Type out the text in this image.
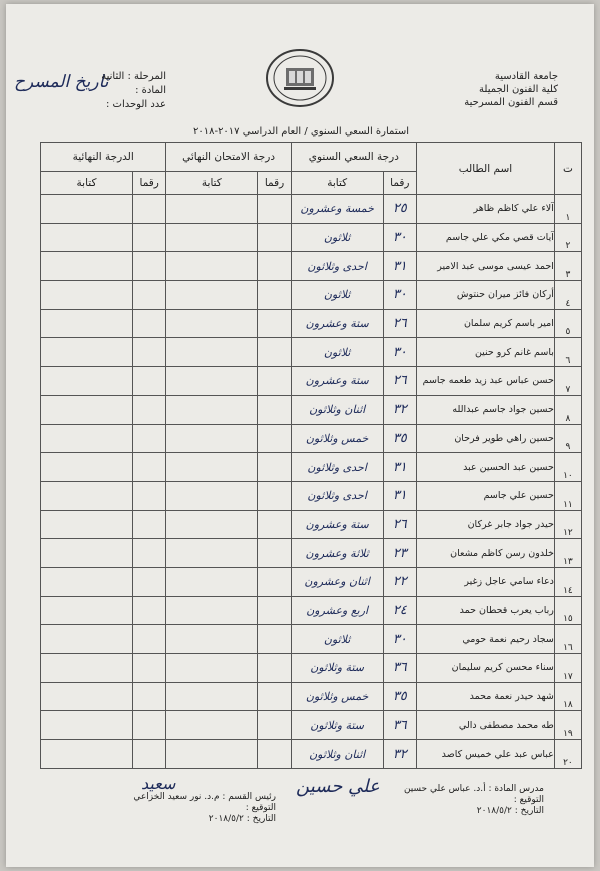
جامعة القادسية
كلية الفنون الجميلة
قسم الفنون المسرحية
تاريخ المسرح
المرحلة : الثانية
المادة :
عدد الوحدات :
استمارة السعي السنوي / العام الدراسي ٢٠١٧-٢٠١٨
ت	اسم الطالب	درجة السعي السنوي		درجة الامتحان النهائي		الدرجة النهائية	
		رقما	كتابة	رقما	كتابة	رقما	كتابة
١	آلاء علي كاظم ظاهر	٢٥	خمسة وعشرون				
٢	آيات قصي مكي علي جاسم	٣٠	ثلاثون				
٣	احمد عيسى موسى عبد الامير	٣١	احدى وثلاثون				
٤	أركان فائز ميران حنتوش	٣٠	ثلاثون				
٥	امير باسم كريم سلمان	٢٦	ستة وعشرون				
٦	باسم غانم كرو حنين	٣٠	ثلاثون				
٧	حسن عباس عبد زيد طعمه جاسم	٢٦	ستة وعشرون				
٨	حسين جواد جاسم عبدالله	٣٢	اثنان وثلاثون				
٩	حسين راهي طوير فرحان	٣٥	خمس وثلاثون				
١٠	حسين عبد الحسين عبد	٣١	احدى وثلاثون				
١١	حسين علي جاسم	٣١	احدى وثلاثون				
١٢	حيدر جواد جابر غركان	٢٦	ستة وعشرون				
١٣	خلدون رسن كاظم مشعان	٢٣	ثلاثة وعشرون				
١٤	دعاء سامي عاجل زغير	٢٢	اثنان وعشرون				
١٥	رباب يعرب قحطان حمد	٢٤	اربع وعشرون				
١٦	سجاد رحيم نعمة حومي	٣٠	ثلاثون				
١٧	سناء محسن كريم سليمان	٣٦	ستة وثلاثون				
١٨	شهد حيدر نعمة محمد	٣٥	خمس وثلاثون				
١٩	طه محمد مصطفى دالي	٣٦	ستة وثلاثون				
٢٠	عباس عبد علي خميس كاصد	٣٢	اثنان وثلاثون				
علي حسين
سعيد	مدرس المادة : أ.د. عباس علي حسين
التوقيع :
التاريخ : ٢٠١٨/٥/٢
رئيس القسم : م.د. نور سعيد الخزاعي
التوقيع :
التاريخ : ٢٠١٨/٥/٢
